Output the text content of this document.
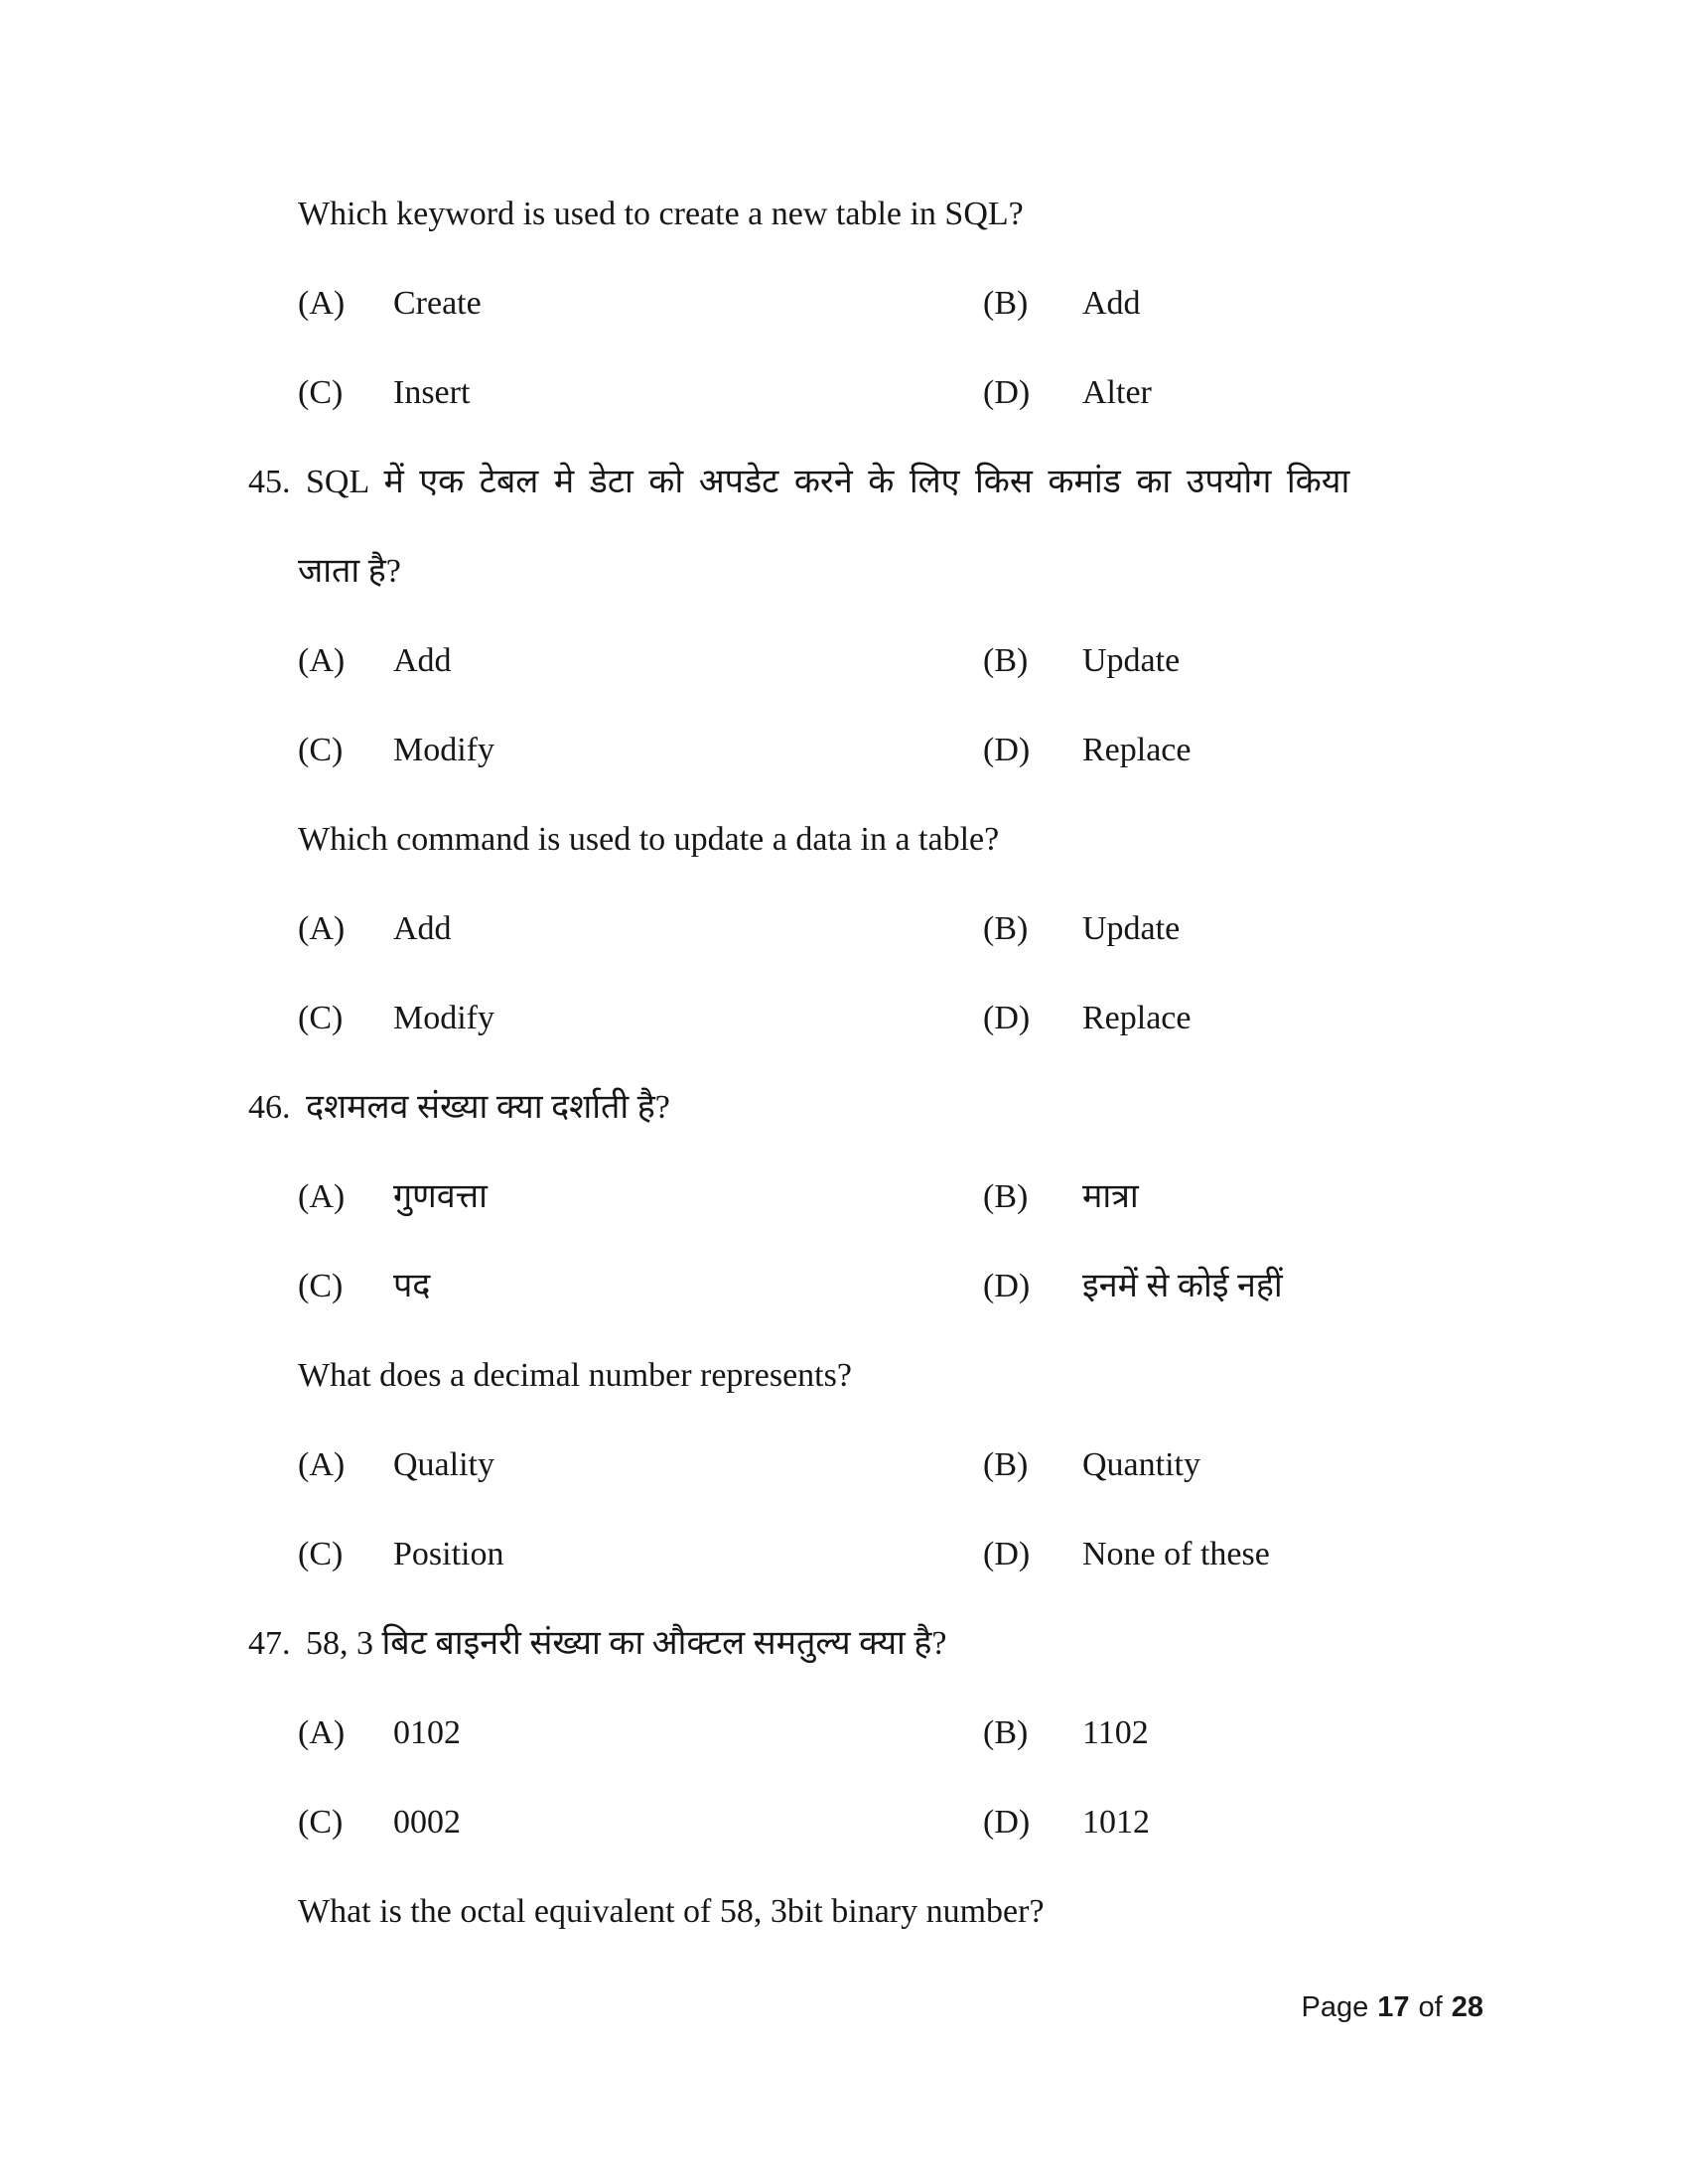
Which keyword is used to create a new table in SQL?
(A)	Create	(B)	Add
(C)	Insert	(D)	Alter
45. SQL में एक टेबल मे डेटा को अपडेट करने के लिए किस कमांड का उपयोग किया
जाता है?
(A)	Add	(B)	Update
(C)	Modify	(D)	Replace
Which command is used to update a data in a table?
(A)	Add	(B)	Update
(C)	Modify	(D)	Replace
46. दशमलव संख्या क्या दर्शाती है?
(A)	गुणवत्ता	(B)	मात्रा
(C)	पद	(D)	इनमें से कोई नहीं
What does a decimal number represents?
(A)	Quality	(B)	Quantity
(C)	Position	(D)	None of these
47. 58, 3 बिट बाइनरी संख्या का औक्टल समतुल्य क्या है?
(A)	0102	(B)	1102
(C)	0002	(D)	1012
What is the octal equivalent of 58, 3bit binary number?
Page 17 of 28
